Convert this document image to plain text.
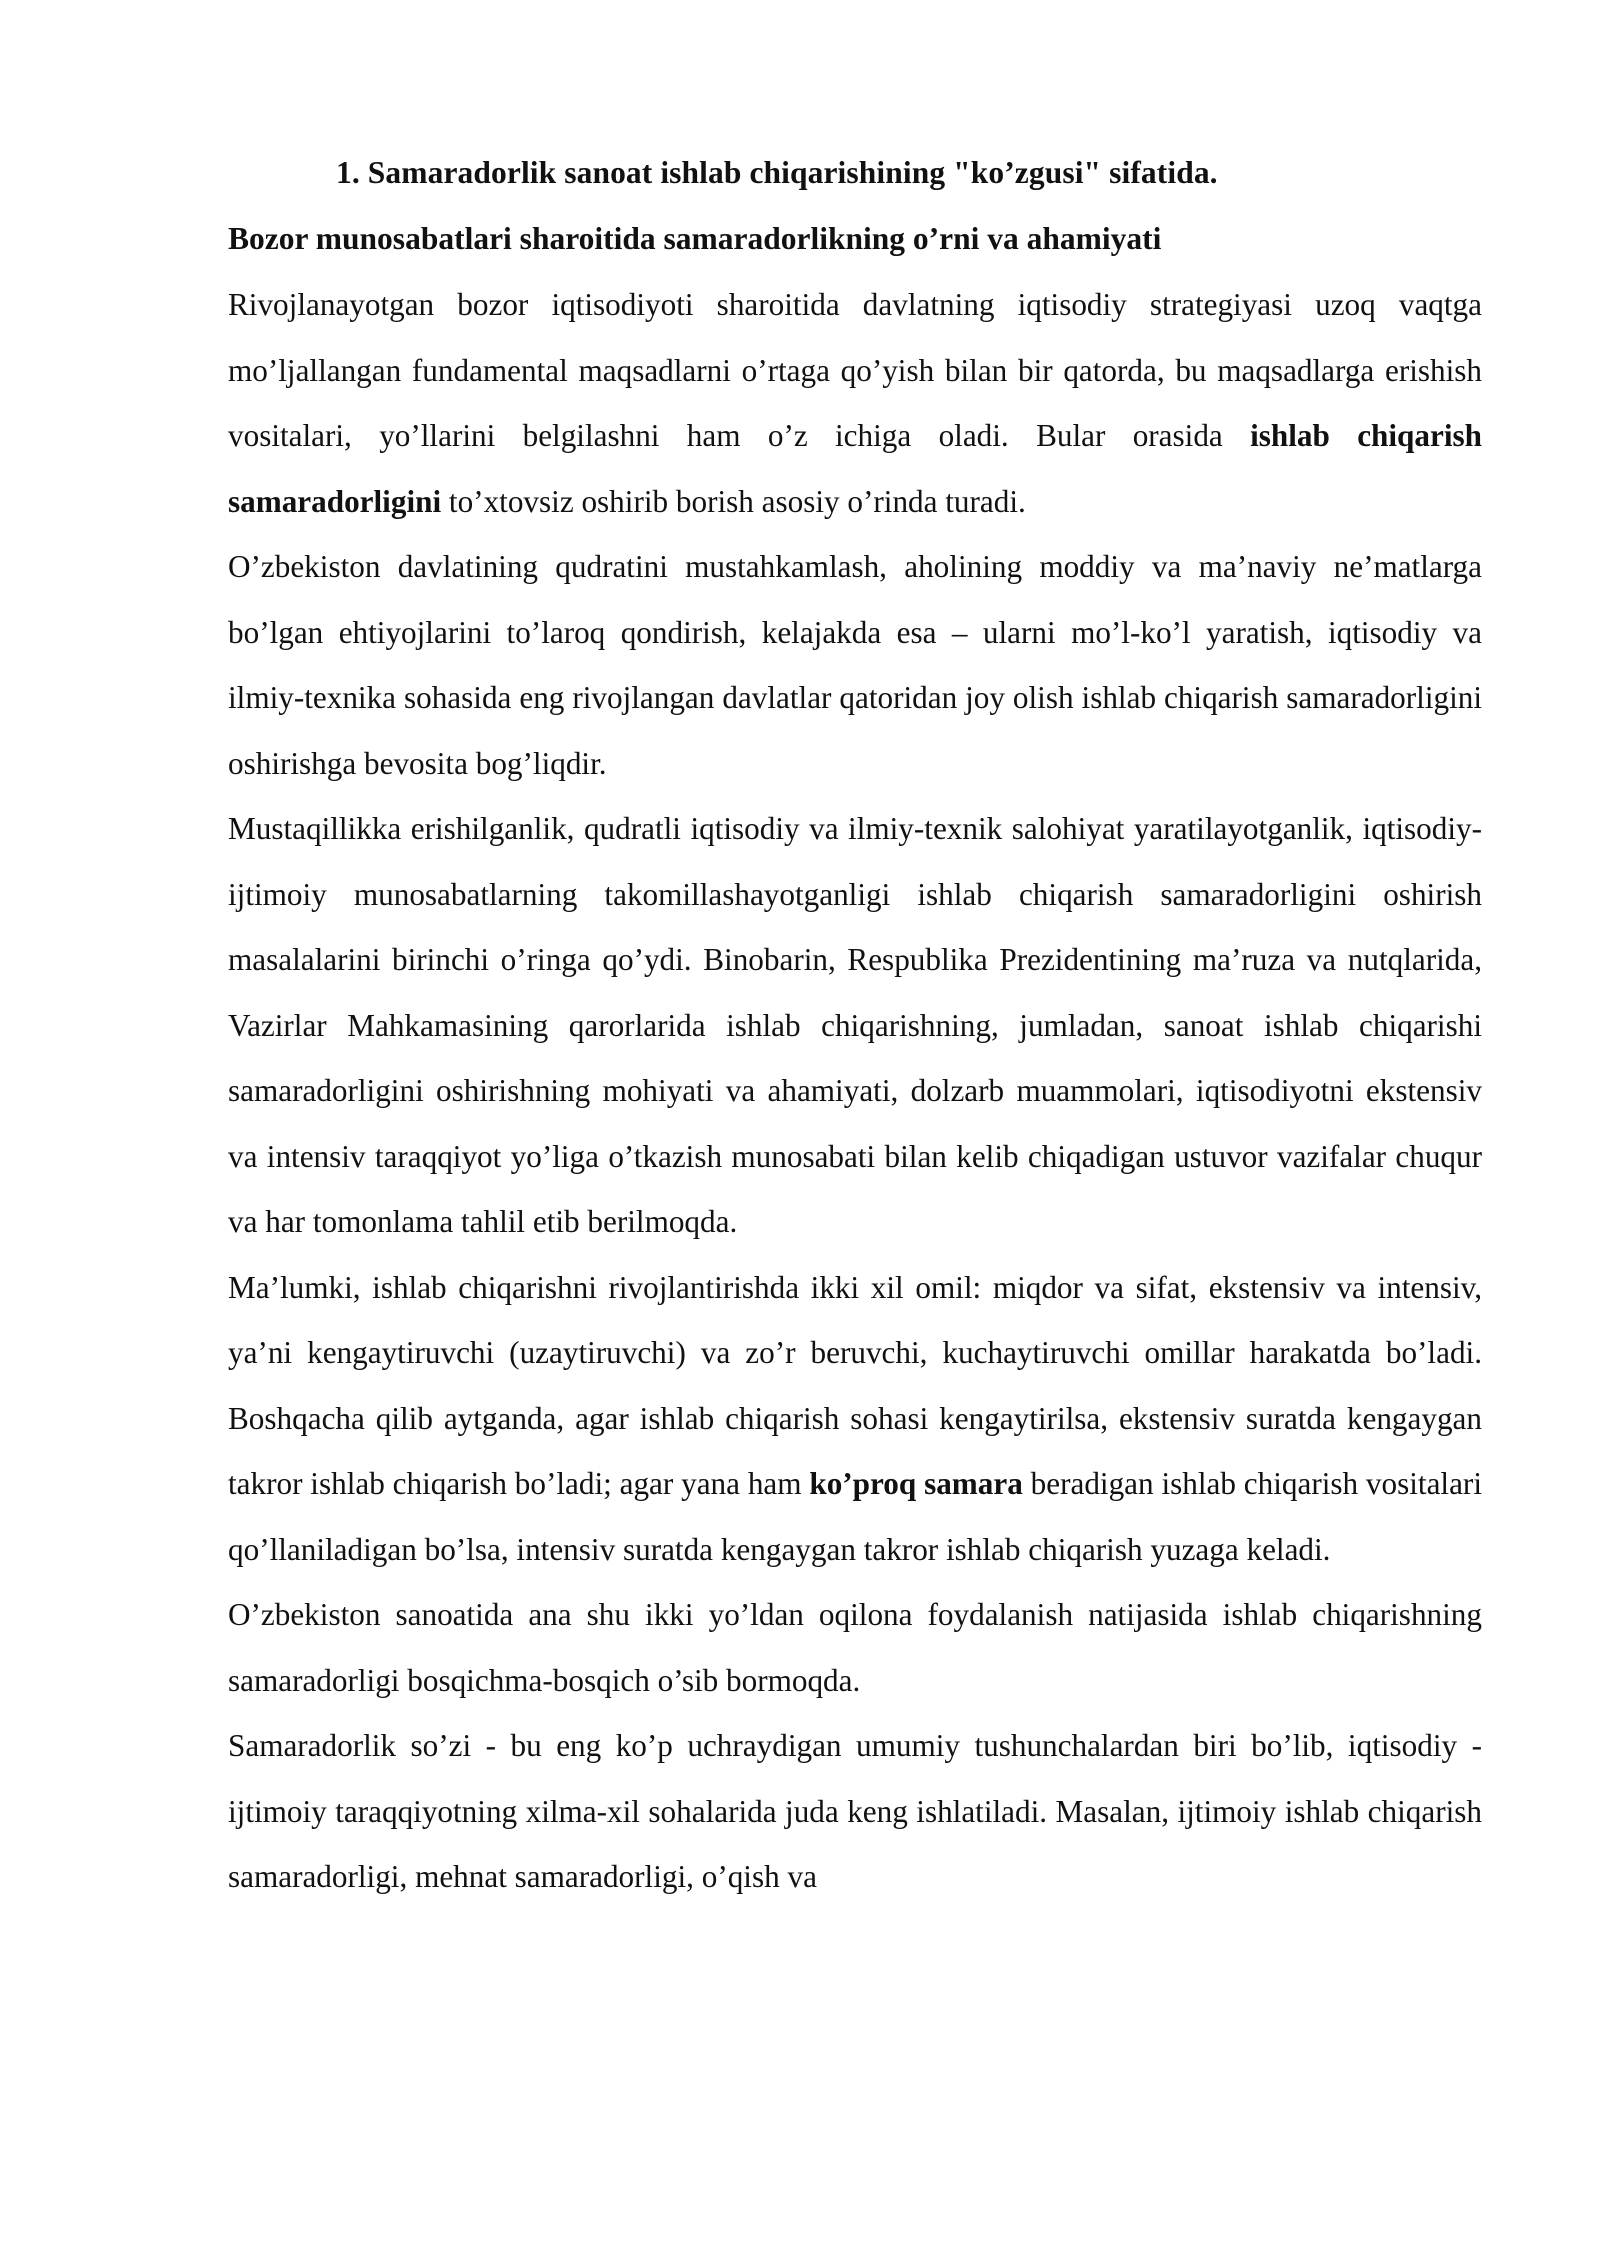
1. Samaradorlik sanoat ishlab chiqarishining "ko’zgusi" sifatida.

Bozor munosabatlari sharoitida samaradorlikning o’rni va ahamiyati

Rivojlanayotgan bozor iqtisodiyoti sharoitida davlatning iqtisodiy strategiyasi uzoq vaqtga mo’ljallangan fundamental maqsadlarni o’rtaga qo’yish bilan bir qatorda, bu maqsadlarga erishish vositalari, yo’llarini belgilashni ham o’z ichiga oladi. Bular orasida ishlab chiqarish samaradorligini to’xtovsiz oshirib borish asosiy o’rinda turadi.

O’zbekiston davlatining qudratini mustahkamlash, aholining moddiy va ma’naviy ne’matlarga bo’lgan ehtiyojlarini to’laroq qondirish, kelajakda esa – ularni mo’l-ko’l yaratish, iqtisodiy va ilmiy-texnika sohasida eng rivojlangan davlatlar qatoridan joy olish ishlab chiqarish samaradorligini oshirishga bevosita bog’liqdir.

Mustaqillikka erishilganlik, qudratli iqtisodiy va ilmiy-texnik salohiyat yaratilayotganlik, iqtisodiy-ijtimoiy munosabatlarning takomillashayotganligi ishlab chiqarish samaradorligini oshirish masalalarini birinchi o’ringa qo’ydi. Binobarin, Respublika Prezidentining ma’ruza va nutqlarida, Vazirlar Mahkamasining qarorlarida ishlab chiqarishning, jumladan, sanoat ishlab chiqarishi samaradorligini oshirishning mohiyati va ahamiyati, dolzarb muammolari, iqtisodiyotni ekstensiv va intensiv taraqqiyot yo’liga o’tkazish munosabati bilan kelib chiqadigan ustuvor vazifalar chuqur va har tomonlama tahlil etib berilmoqda.

Ma’lumki, ishlab chiqarishni rivojlantirishda ikki xil omil: miqdor va sifat, ekstensiv va intensiv, ya’ni kengaytiruvchi (uzaytiruvchi) va zo’r beruvchi, kuchaytiruvchi omillar harakatda bo’ladi. Boshqacha qilib aytganda, agar ishlab chiqarish sohasi kengaytirilsa, ekstensiv suratda kengaygan takror ishlab chiqarish bo’ladi; agar yana ham ko’proq samara beradigan ishlab chiqarish vositalari qo’llaniladigan bo’lsa, intensiv suratda kengaygan takror ishlab chiqarish yuzaga keladi.

O’zbekiston sanoatida ana shu ikki yo’ldan oqilona foydalanish natijasida ishlab chiqarishning samaradorligi bosqichma-bosqich o’sib bormoqda.

Samaradorlik so’zi - bu eng ko’p uchraydigan umumiy tushunchalardan biri bo’lib, iqtisodiy - ijtimoiy taraqqiyotning xilma-xil sohalarida juda keng ishlatiladi. Masalan, ijtimoiy ishlab chiqarish samaradorligi, mehnat samaradorligi, o’qish va
